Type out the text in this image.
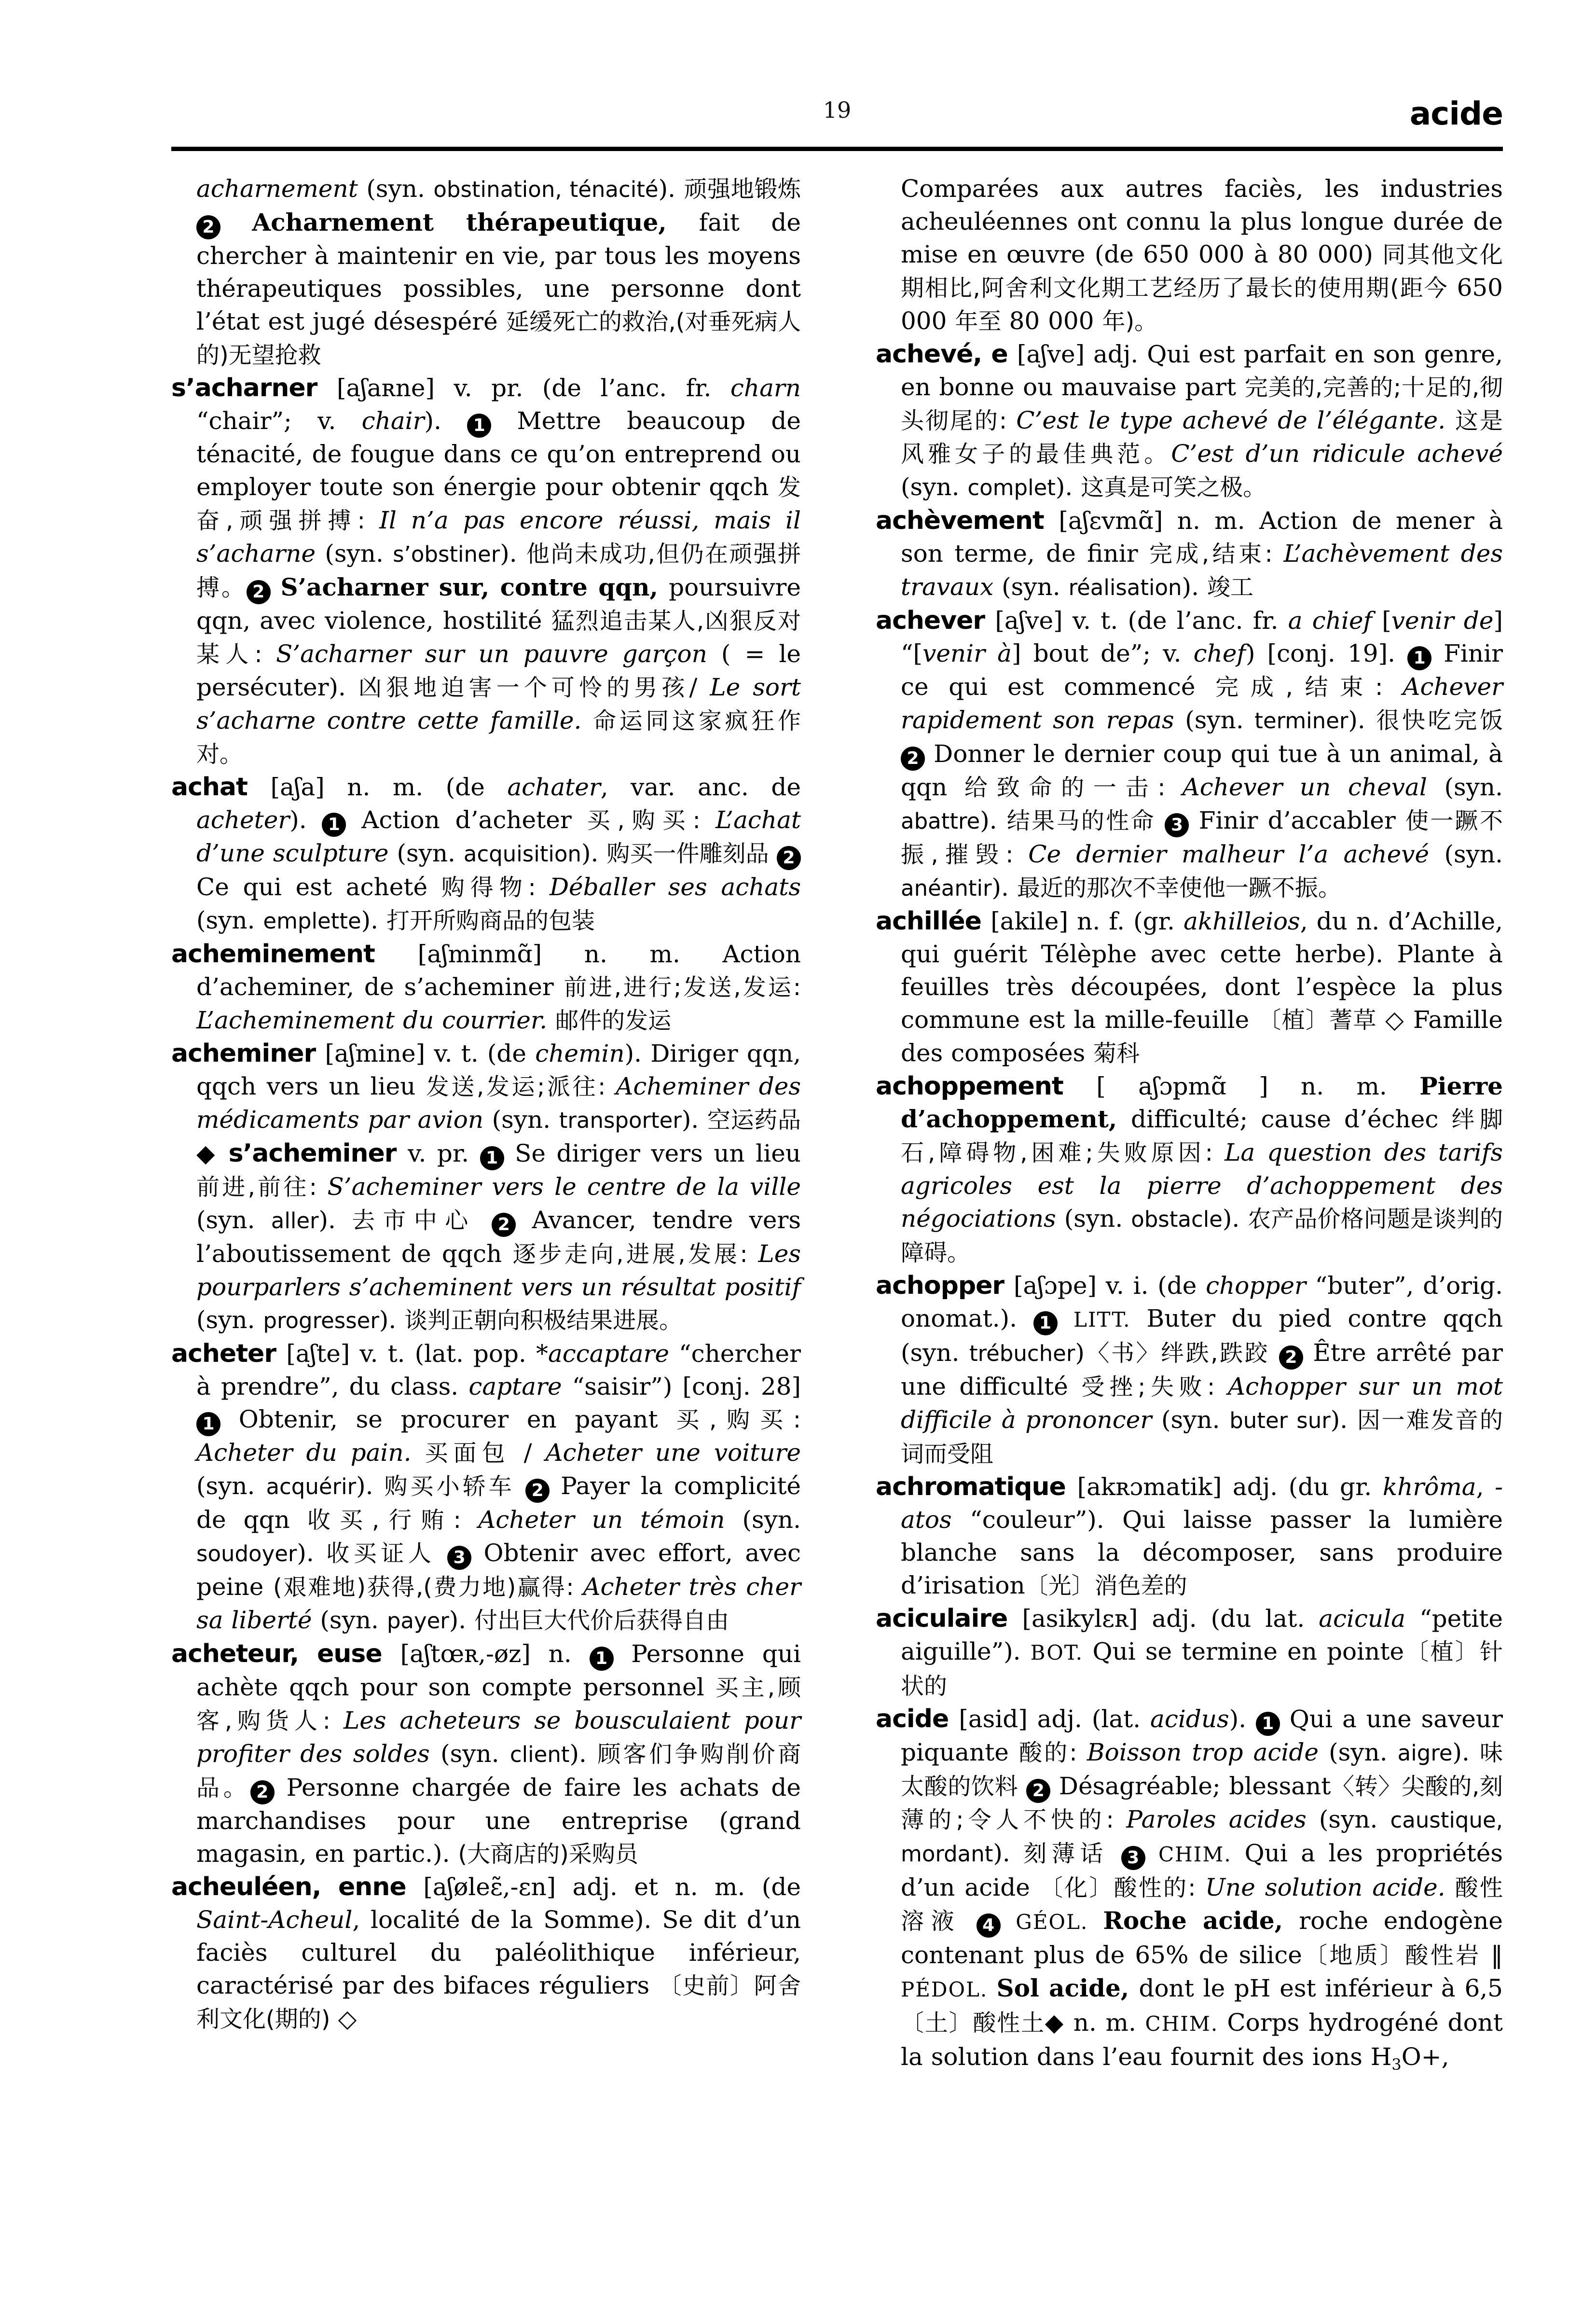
19	acide

acharnement (syn. obstination, ténacité). 顽强地锻炼 2 Acharnement thérapeutique, fait de chercher à maintenir en vie, par tous les moyens thérapeutiques possibles, une personne dont l’état est jugé désespéré 延缓死亡的救治,(对垂死病人的)无望抢救

s’acharner [aʃaʀne] v. pr. (de l’anc. fr. charn “chair”; v. chair). 1 Mettre beaucoup de ténacité, de fougue dans ce qu’on entreprend ou employer toute son énergie pour obtenir qqch 发奋,顽强拼搏: Il n’a pas encore réussi, mais il s’acharne (syn. s’obstiner). 他尚未成功,但仍在顽强拼搏。 2 S’acharner sur, contre qqn, poursuivre qqn, avec violence, hostilité 猛烈追击某人,凶狠反对某人: S’acharner sur un pauvre garçon ( = le persécuter). 凶狠地迫害一个可怜的男孩/ Le sort s’acharne contre cette famille. 命运同这家疯狂作对。

achat [aʃa] n. m. (de achater, var. anc. de acheter). 1 Action d’acheter 买,购买: L’achat d’une sculpture (syn. acquisition). 购买一件雕刻品 2 Ce qui est acheté 购得物: Déballer ses achats (syn. emplette). 打开所购商品的包装

acheminement [aʃminmɑ̃] n. m. Action d’acheminer, de s’acheminer 前进,进行;发送,发运: L’acheminement du courrier. 邮件的发运

acheminer [aʃmine] v. t. (de chemin). Diriger qqn, qqch vers un lieu 发送,发运;派往: Acheminer des médicaments par avion (syn. transporter). 空运药品◆ s’acheminer v. pr. 1 Se diriger vers un lieu 前进,前往: S’acheminer vers le centre de la ville (syn. aller). 去市中心 2 Avancer, tendre vers l’aboutissement de qqch 逐步走向,进展,发展: Les pourparlers s’acheminent vers un résultat positif (syn. progresser). 谈判正朝向积极结果进展。

acheter [aʃte] v. t. (lat. pop. *accaptare “chercher à prendre”, du class. captare “saisir”) [conj. 28] 1 Obtenir, se procurer en payant 买,购买: Acheter du pain. 买面包 / Acheter une voiture (syn. acquérir). 购买小轿车 2 Payer la complicité de qqn 收买,行贿: Acheter un témoin (syn. soudoyer). 收买证人 3 Obtenir avec effort, avec peine (艰难地)获得,(费力地)赢得: Acheter très cher sa liberté (syn. payer). 付出巨大代价后获得自由

acheteur, euse [aʃtœʀ,-øz] n. 1 Personne qui achète qqch pour son compte personnel 买主,顾客,购货人: Les acheteurs se bousculaient pour profiter des soldes (syn. client). 顾客们争购削价商品。 2 Personne chargée de faire les achats de marchandises pour une entreprise (grand magasin, en partic.). (大商店的)采购员

acheuléen, enne [aʃøleɛ̃,-ɛn] adj. et n. m. (de Saint-Acheul, localité de la Somme). Se dit d’un faciès culturel du paléolithique inférieur, caractérisé par des bifaces réguliers 〔史前〕阿舍利文化(期的) ◇

Comparées aux autres faciès, les industries acheuléennes ont connu la plus longue durée de mise en œuvre (de 650 000 à 80 000) 同其他文化期相比,阿舍利文化期工艺经历了最长的使用期(距今 650 000 年至 80 000 年)。

achevé, e [aʃve] adj. Qui est parfait en son genre, en bonne ou mauvaise part 完美的,完善的;十足的,彻头彻尾的: C’est le type achevé de l’élégante. 这是风雅女子的最佳典范。C’est d’un ridicule achevé (syn. complet). 这真是可笑之极。

achèvement [aʃɛvmɑ̃] n. m. Action de mener à son terme, de finir 完成,结束: L’achèvement des travaux (syn. réalisation). 竣工

achever [aʃve] v. t. (de l’anc. fr. a chief [venir de] “[venir à] bout de”; v. chef) [conj. 19]. 1 Finir ce qui est commencé 完成,结束: Achever rapidement son repas (syn. terminer). 很快吃完饭 2 Donner le dernier coup qui tue à un animal, à qqn 给致命的一击: Achever un cheval (syn. abattre). 结果马的性命 3 Finir d’accabler 使一蹶不振,摧毁: Ce dernier malheur l’a achevé (syn. anéantir). 最近的那次不幸使他一蹶不振。

achillée [akile] n. f. (gr. akhilleios, du n. d’Achille, qui guérit Télèphe avec cette herbe). Plante à feuilles très découpées, dont l’espèce la plus commune est la mille-feuille 〔植〕蓍草 ◇ Famille des composées 菊科

achoppement [ aʃɔpmɑ̃ ] n. m. Pierre d’achoppement, difficulté; cause d’échec 绊脚石,障碍物,困难;失败原因: La question des tarifs agricoles est la pierre d’achoppement des négociations (syn. obstacle). 农产品价格问题是谈判的障碍。

achopper [aʃɔpe] v. i. (de chopper “buter”, d’orig. onomat.). 1 LITT. Buter du pied contre qqch (syn. trébucher)〈书〉绊跌,跌跤 2 Être arrêté par une difficulté 受挫;失败: Achopper sur un mot difficile à prononcer (syn. buter sur). 因一难发音的词而受阻

achromatique [akʀɔmatik] adj. (du gr. khrôma, -atos “couleur”). Qui laisse passer la lumière blanche sans la décomposer, sans produire d’irisation〔光〕消色差的

aciculaire [asikylɛʀ] adj. (du lat. acicula “petite aiguille”). BOT. Qui se termine en pointe〔植〕针状的

acide [asid] adj. (lat. acidus). 1 Qui a une saveur piquante 酸的: Boisson trop acide (syn. aigre). 味太酸的饮料 2 Désagréable; blessant〈转〉尖酸的,刻薄的;令人不快的: Paroles acides (syn. caustique, mordant). 刻薄话 3 CHIM. Qui a les propriétés d’un acide 〔化〕酸性的: Une solution acide. 酸性溶液 4 GÉOL. Roche acide, roche endogène contenant plus de 65% de silice〔地质〕酸性岩 ‖ PÉDOL. Sol acide, dont le pH est inférieur à 6,5 〔土〕酸性土◆ n. m. CHIM. Corps hydrogéné dont la solution dans l’eau fournit des ions $H_3O+$,
